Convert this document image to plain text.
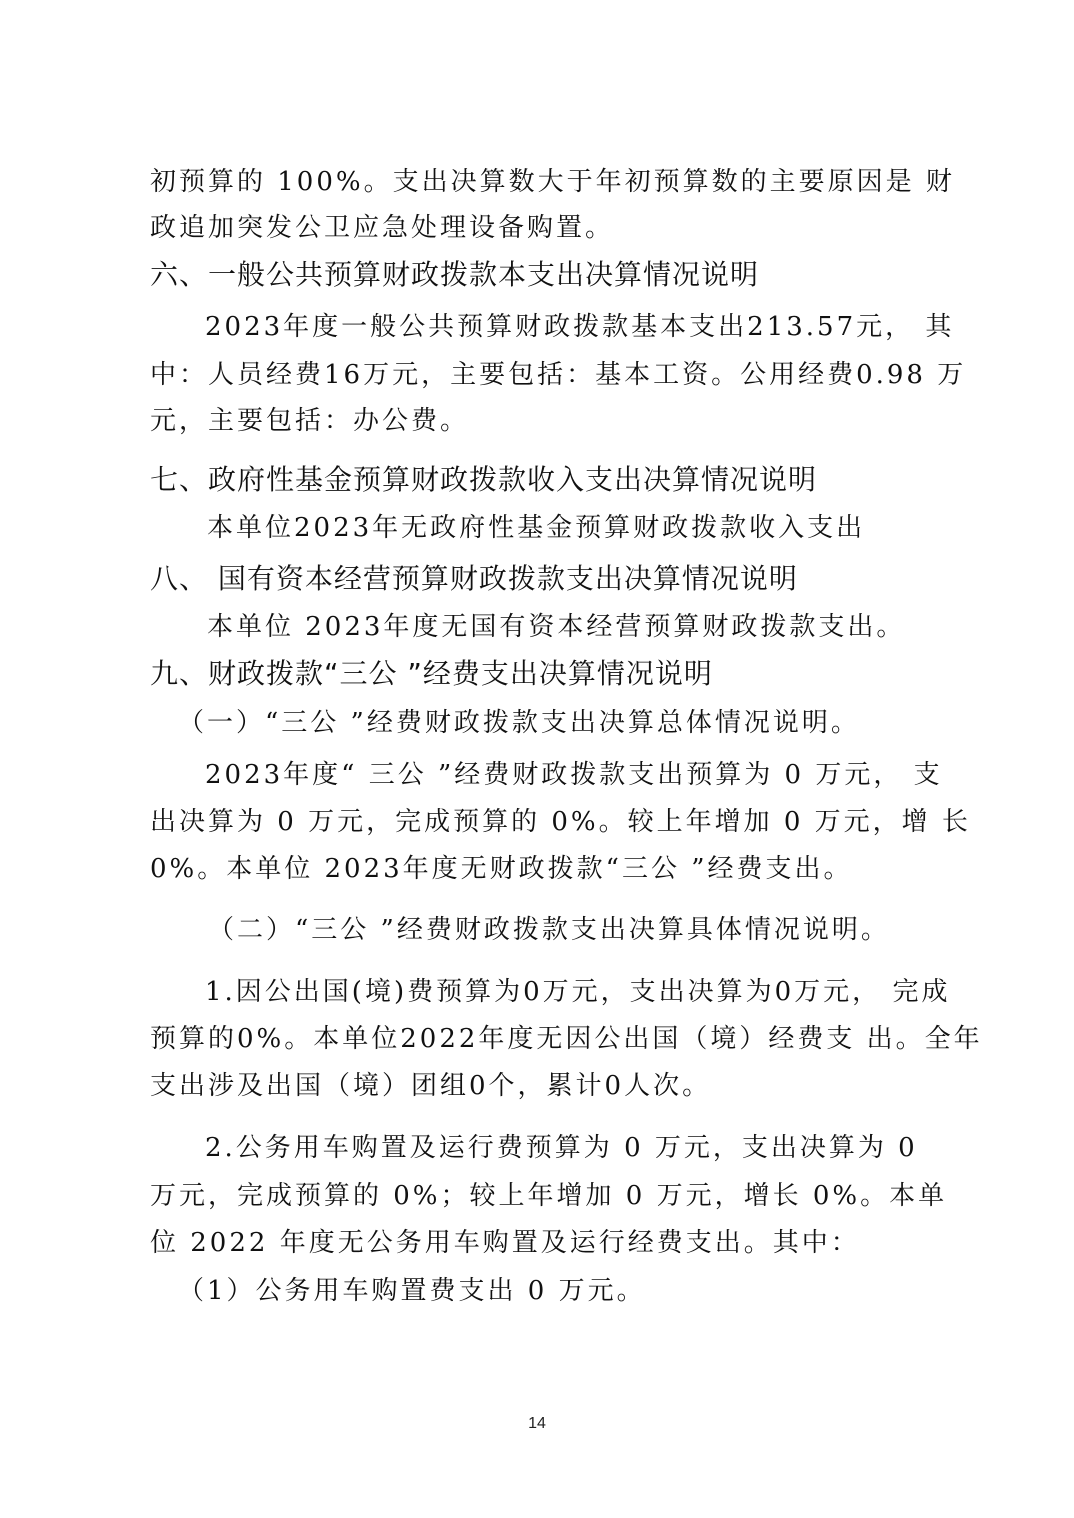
初预算的 100%。支出决算数大于年初预算数的主要原因是 财
政追加突发公卫应急处理设备购置。
六、一般公共预算财政拨款本支出决算情况说明
2023年度一般公共预算财政拨款基本支出213.57元， 其
中：人员经费16万元，主要包括：基本工资。公用经费0.98 万
元，主要包括：办公费。
七、政府性基金预算财政拨款收入支出决算情况说明
本单位2023年无政府性基金预算财政拨款收入支出
八、 国有资本经营预算财政拨款支出决算情况说明
本单位 2023年度无国有资本经营预算财政拨款支出。
九、财政拨款“三公 ”经费支出决算情况说明
（一）“三公 ”经费财政拨款支出决算总体情况说明。
2023年度“ 三公 ”经费财政拨款支出预算为 0 万元， 支
出决算为 0 万元，完成预算的 0%。较上年增加 0 万元，增 长
0%。本单位 2023年度无财政拨款“三公 ”经费支出。
（二）“三公 ”经费财政拨款支出决算具体情况说明。
1.因公出国(境)费预算为0万元，支出决算为0万元， 完成
预算的0%。本单位2022年度无因公出国（境）经费支 出。全年
支出涉及出国（境）团组0个，累计0人次。
2.公务用车购置及运行费预算为 0 万元，支出决算为 0
万元，完成预算的 0%；较上年增加 0 万元，增长 0%。本单
位 2022 年度无公务用车购置及运行经费支出。其中：
（1）公务用车购置费支出 0 万元。
14
